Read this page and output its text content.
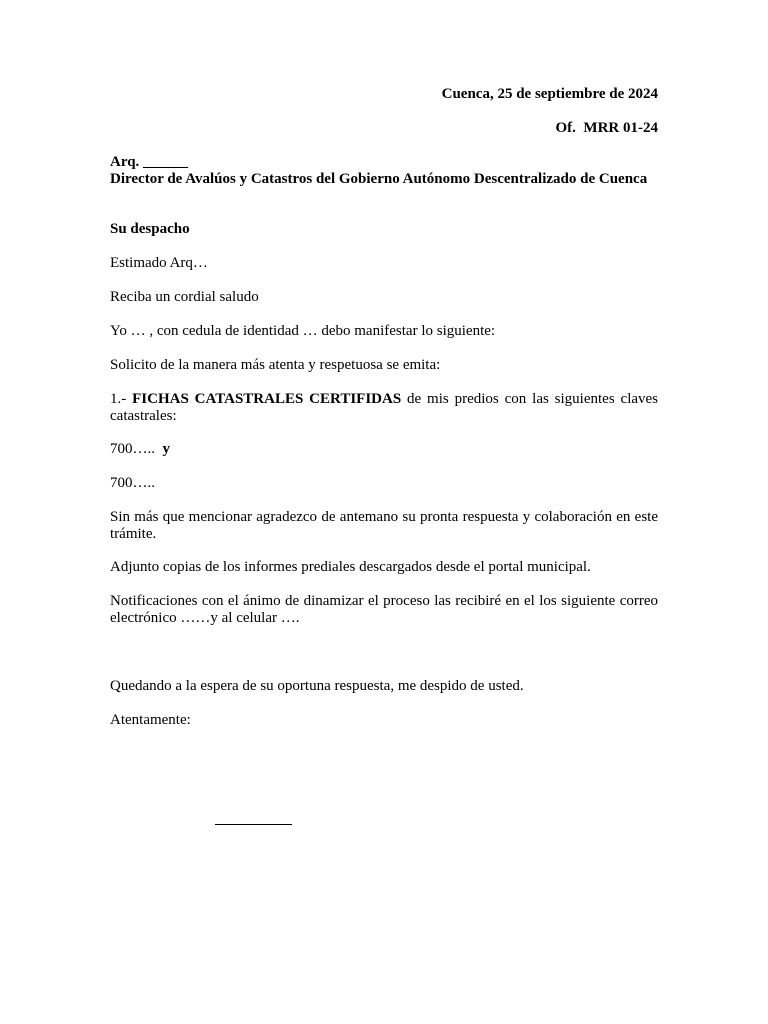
Cuenca, 25 de septiembre de 2024
Of.  MRR 01-24
Arq. ______
Director de Avalúos y Catastros del Gobierno Autónomo Descentralizado de Cuenca
Su despacho
Estimado Arq…
Reciba un cordial saludo
Yo … , con cedula de identidad … debo manifestar lo siguiente:
Solicito de la manera más atenta y respetuosa se emita:
1.- FICHAS CATASTRALES CERTIFIDAS de mis predios con las siguientes claves catastrales:
700…..  y
700…..
Sin más que mencionar agradezco de antemano su pronta respuesta y colaboración en este trámite.
Adjunto copias de los informes prediales descargados desde el portal municipal.
Notificaciones con el ánimo de dinamizar el proceso las recibiré en el los siguiente correo electrónico ……y al celular ….
Quedando a la espera de su oportuna respuesta, me despido de usted.
Atentamente:
